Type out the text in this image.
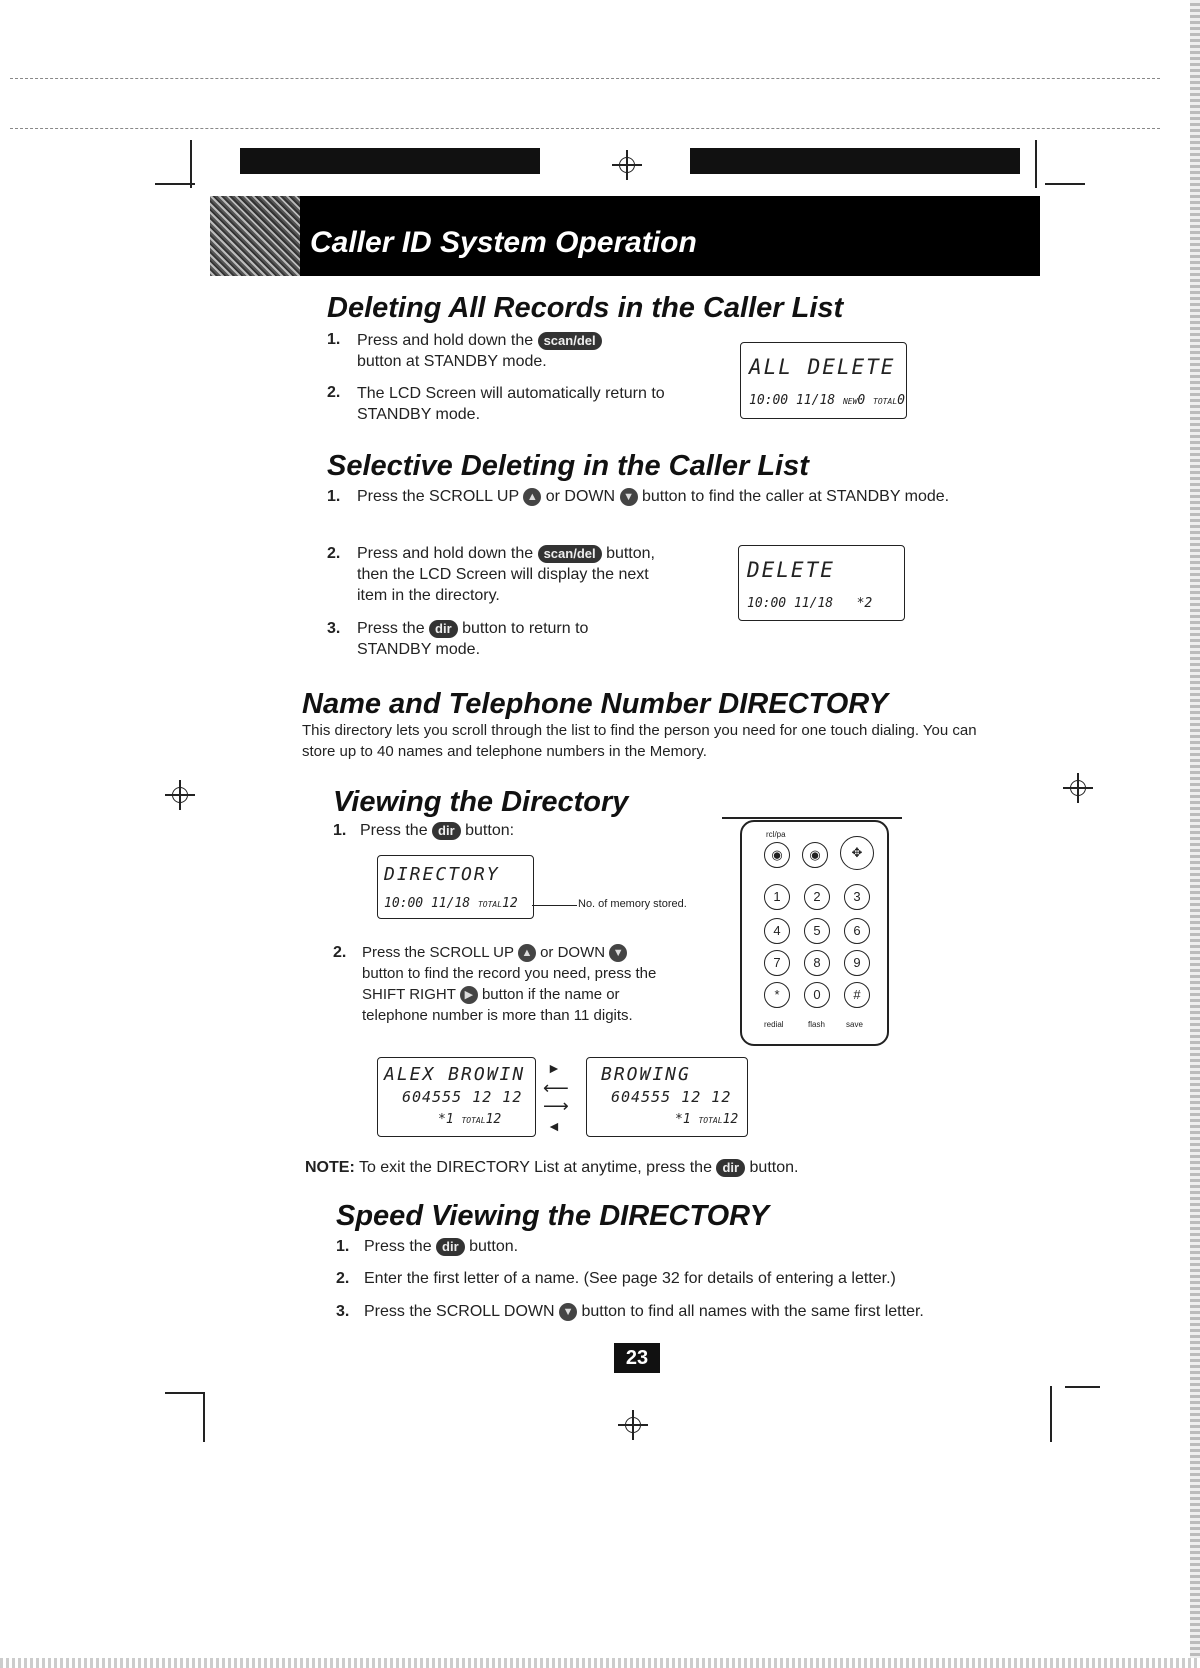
Caller ID System Operation
Deleting All Records in the Caller List
1. Press and hold down the scan/del
button at STANDBY mode.
2. The LCD Screen will automatically return to STANDBY mode.
ALL DELETE
10:00 11/18 NEW0 TOTAL0
Selective Deleting in the Caller List
1. Press the SCROLL UP ▲ or DOWN ▼ button to find the caller at STANDBY mode.
2. Press and hold down the scan/del button, then the LCD Screen will display the next item in the directory.
3. Press the dir button to return to STANDBY mode.
DELETE
10:00 11/18 *2
Name and Telephone Number DIRECTORY
This directory lets you scroll through the list to find the person you need for one touch dialing. You can store up to 40 names and telephone numbers in the Memory.
Viewing the Directory
1. Press the dir button:
DIRECTORY
10:00 11/18 TOTAL12	No. of memory stored.
2. Press the SCROLL UP ▲ or DOWN ▼ button to find the record you need, press the SHIFT RIGHT ▶ button if the name or telephone number is more than 11 digits.
rcl/pa
◉	◉	✥
1	2	3
4	5	6
7	8	9
*	0	#
redial	flash	save
ALEX BROWIN
604555 12 12
*1 TOTAL12
►
⟵
⟶
◄
BROWING
604555 12 12
*1 TOTAL12
NOTE: To exit the DIRECTORY List at anytime, press the dir button.
Speed Viewing the DIRECTORY
1. Press the dir button.
2. Enter the first letter of a name. (See page 32 for details of entering a letter.)
3. Press the SCROLL DOWN ▼ button to find all names with the same first letter.
23
